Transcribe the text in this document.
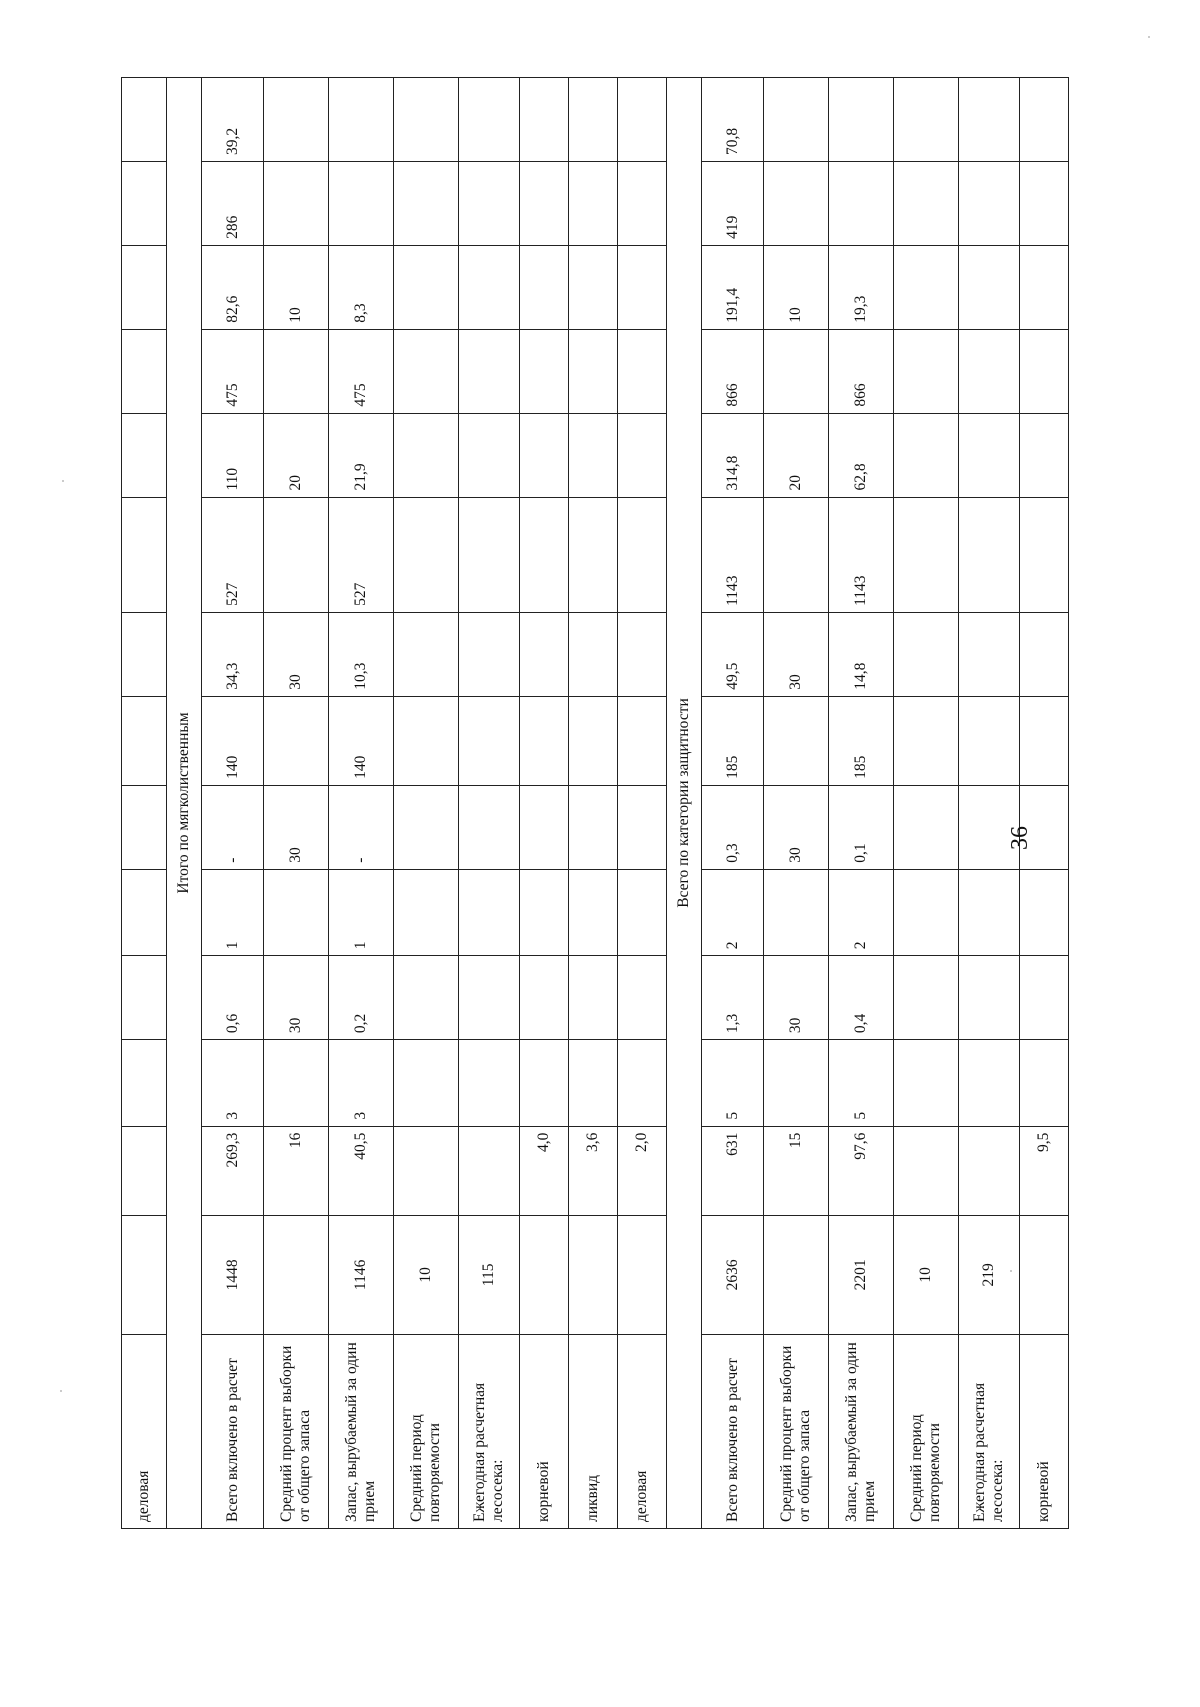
деловая														
Итого по мягколиственным														
Всего включено в расчет	1448	269,3	3	0,6	1	-	140	34,3	527	110	475	82,6	286	39,2
Средний процент выборки от общего запаса		16		30		30		30		20		10		
Запас, вырубаемый за один прием	1146	40,5	3	0,2	1	-	140	10,3	527	21,9	475	8,3		
Средний период повторяемости	10													
Ежегодная расчетная лесосека:	115													
корневой		4,0												
ликвид		3,6												
деловая		2,0												
Всего по категории защитности														
Всего включено в расчет	2636	631	5	1,3	2	0,3	185	49,5	1143	314,8	866	191,4	419	70,8
Средний процент выборки от общего запаса		15		30		30		30		20		10		
Запас, вырубаемый за один прием	2201	97,6	5	0,4	2	0,1	185	14,8	1143	62,8	866	19,3		
Средний период повторяемости	10													
Ежегодная расчетная лесосека:	219													
корневой		9,5												
36
